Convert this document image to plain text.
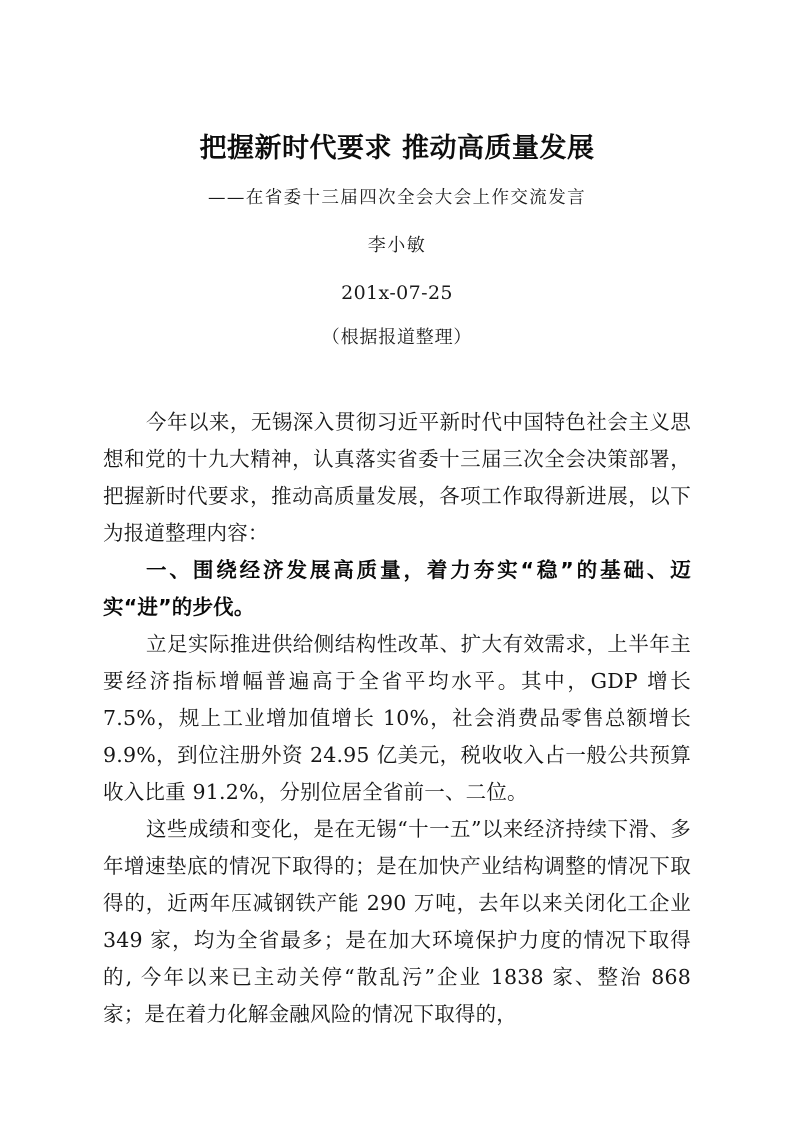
把握新时代要求 推动高质量发展

——在省委十三届四次全会大会上作交流发言

李小敏

201x-07-25

（根据报道整理）

今年以来，无锡深入贯彻习近平新时代中国特色社会主义思想和党的十九大精神，认真落实省委十三届三次全会决策部署，把握新时代要求，推动高质量发展，各项工作取得新进展，以下为报道整理内容：

一、围绕经济发展高质量，着力夯实“稳”的基础、迈实“进”的步伐。

立足实际推进供给侧结构性改革、扩大有效需求，上半年主要经济指标增幅普遍高于全省平均水平。其中，GDP 增长 7.5%，规上工业增加值增长 10%，社会消费品零售总额增长 9.9%，到位注册外资 24.95 亿美元，税收收入占一般公共预算收入比重 91.2%，分别位居全省前一、二位。

这些成绩和变化，是在无锡“十一五”以来经济持续下滑、多年增速垫底的情况下取得的；是在加快产业结构调整的情况下取得的，近两年压减钢铁产能 290 万吨，去年以来关闭化工企业 349 家，均为全省最多；是在加大环境保护力度的情况下取得的, 今年以来已主动关停“散乱污”企业 1838 家、整治 868 家；是在着力化解金融风险的情况下取得的，
